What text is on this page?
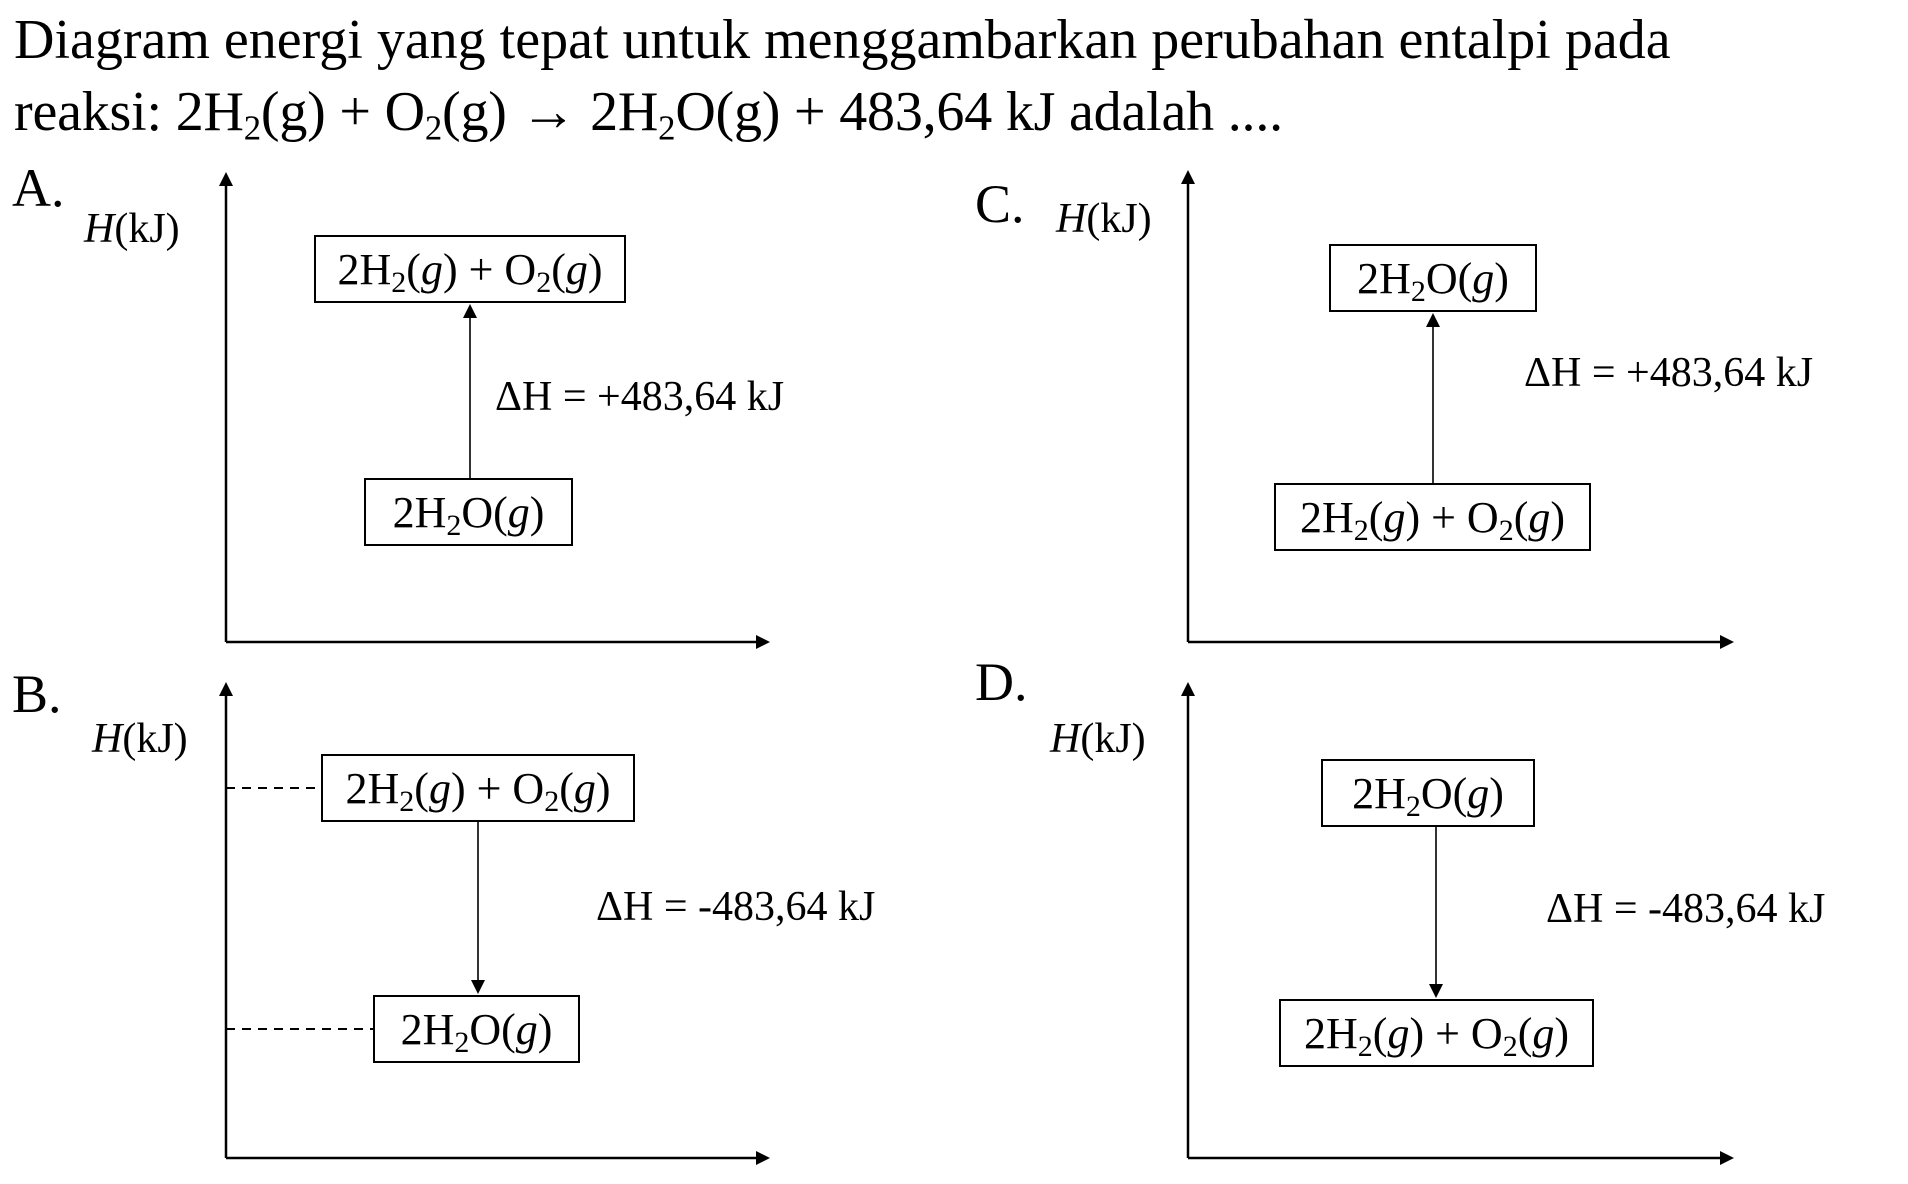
Diagram energi yang tepat untuk menggambarkan perubahan entalpi pada
reaksi: $2H_2(g) + O_2(g) \to 2H_2O(g) + 483,64$ kJ adalah ....
A.
H(kJ)
2H2(g) + O2(g)
2H2O(g)
ΔH = +483,64 kJ
B.
H(kJ)
2H2(g) + O2(g)
2H2O(g)
ΔH = -483,64 kJ
C. H(kJ)
2H2O(g)
2H2(g) + O2(g)
ΔH = +483,64 kJ
D.
H(kJ)
2H2O(g)
2H2(g) + O2(g)
ΔH = -483,64 kJ
